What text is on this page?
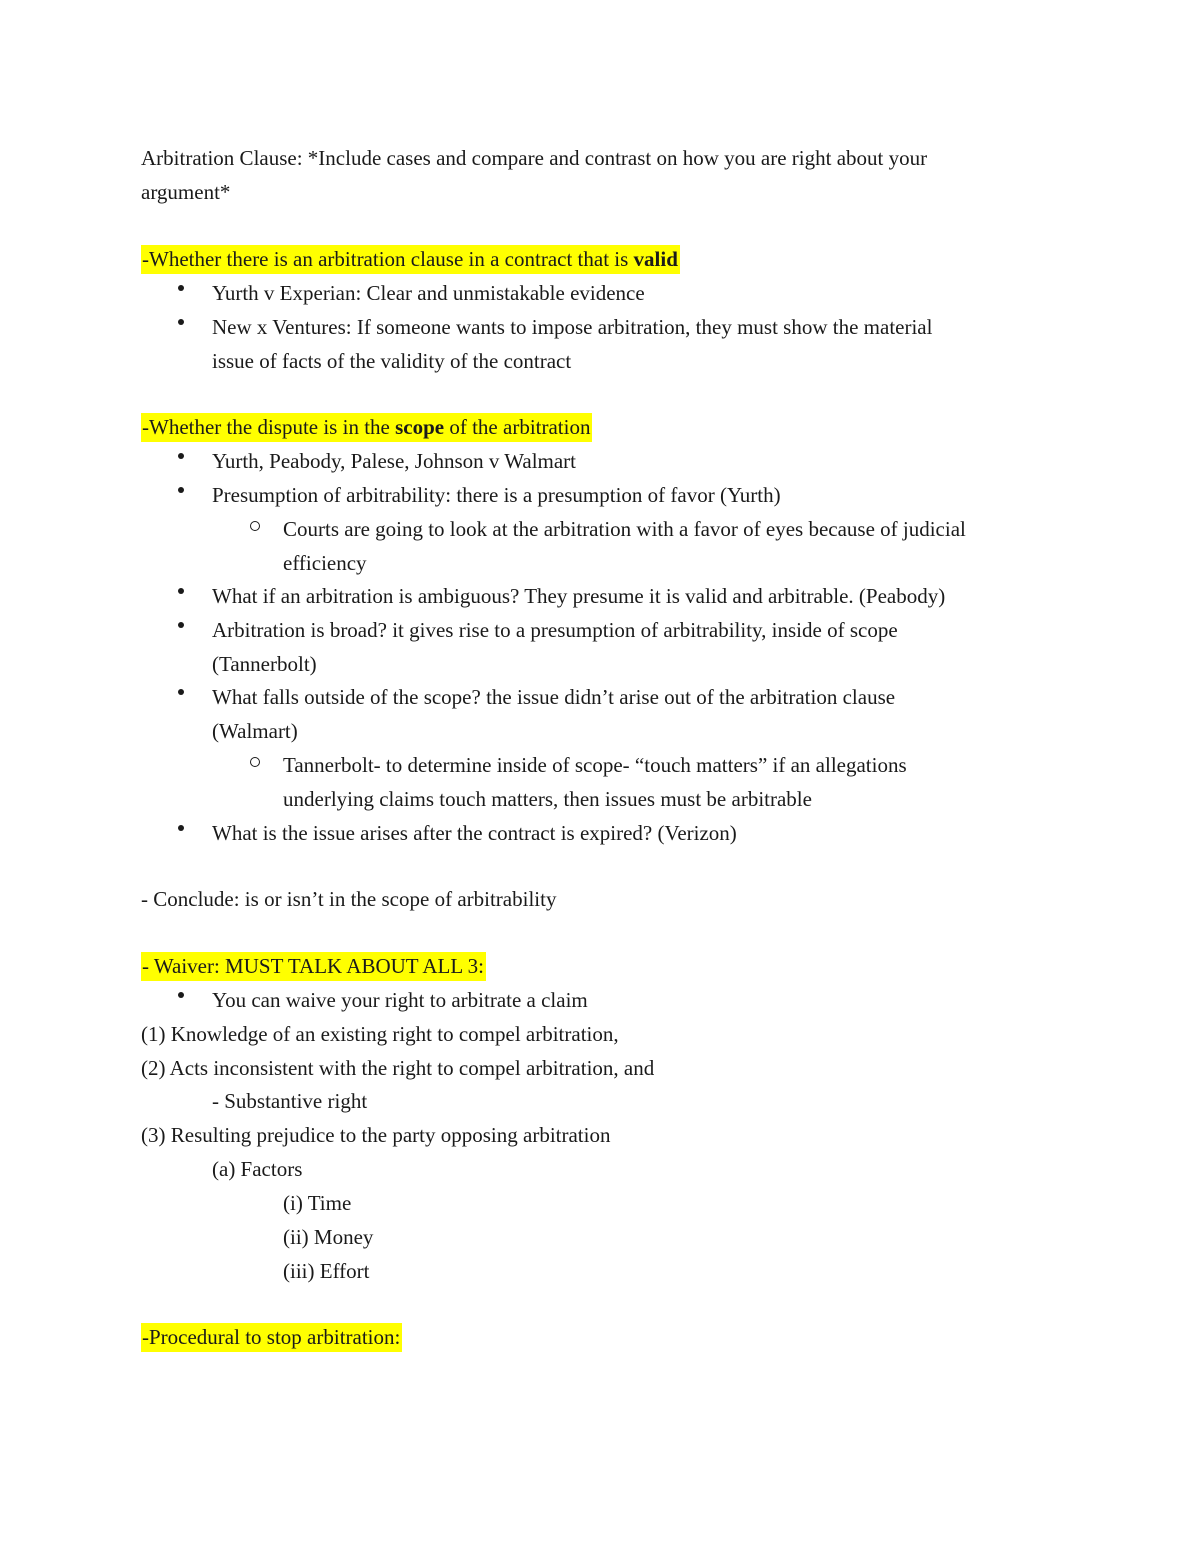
Arbitration Clause: *Include cases and compare and contrast on how you are right about your
argument*
-Whether there is an arbitration clause in a contract that is valid
Yurth v Experian: Clear and unmistakable evidence
New x Ventures: If someone wants to impose arbitration, they must show the material
issue of facts of the validity of the contract
-Whether the dispute is in the scope of the arbitration
Yurth, Peabody, Palese, Johnson v Walmart
Presumption of arbitrability: there is a presumption of favor (Yurth)
Courts are going to look at the arbitration with a favor of eyes because of judicial
efficiency
What if an arbitration is ambiguous? They presume it is valid and arbitrable. (Peabody)
Arbitration is broad? it gives rise to a presumption of arbitrability, inside of scope
(Tannerbolt)
What falls outside of the scope? the issue didn’t arise out of the arbitration clause
(Walmart)
Tannerbolt- to determine inside of scope- “touch matters” if an allegations
underlying claims touch matters, then issues must be arbitrable
What is the issue arises after the contract is expired? (Verizon)
- Conclude: is or isn’t in the scope of arbitrability
- Waiver: MUST TALK ABOUT ALL 3:
You can waive your right to arbitrate a claim
(1) Knowledge of an existing right to compel arbitration,
(2) Acts inconsistent with the right to compel arbitration, and
- Substantive right
(3) Resulting prejudice to the party opposing arbitration
(a) Factors
(i) Time
(ii) Money
(iii) Effort
-Procedural to stop arbitration:
